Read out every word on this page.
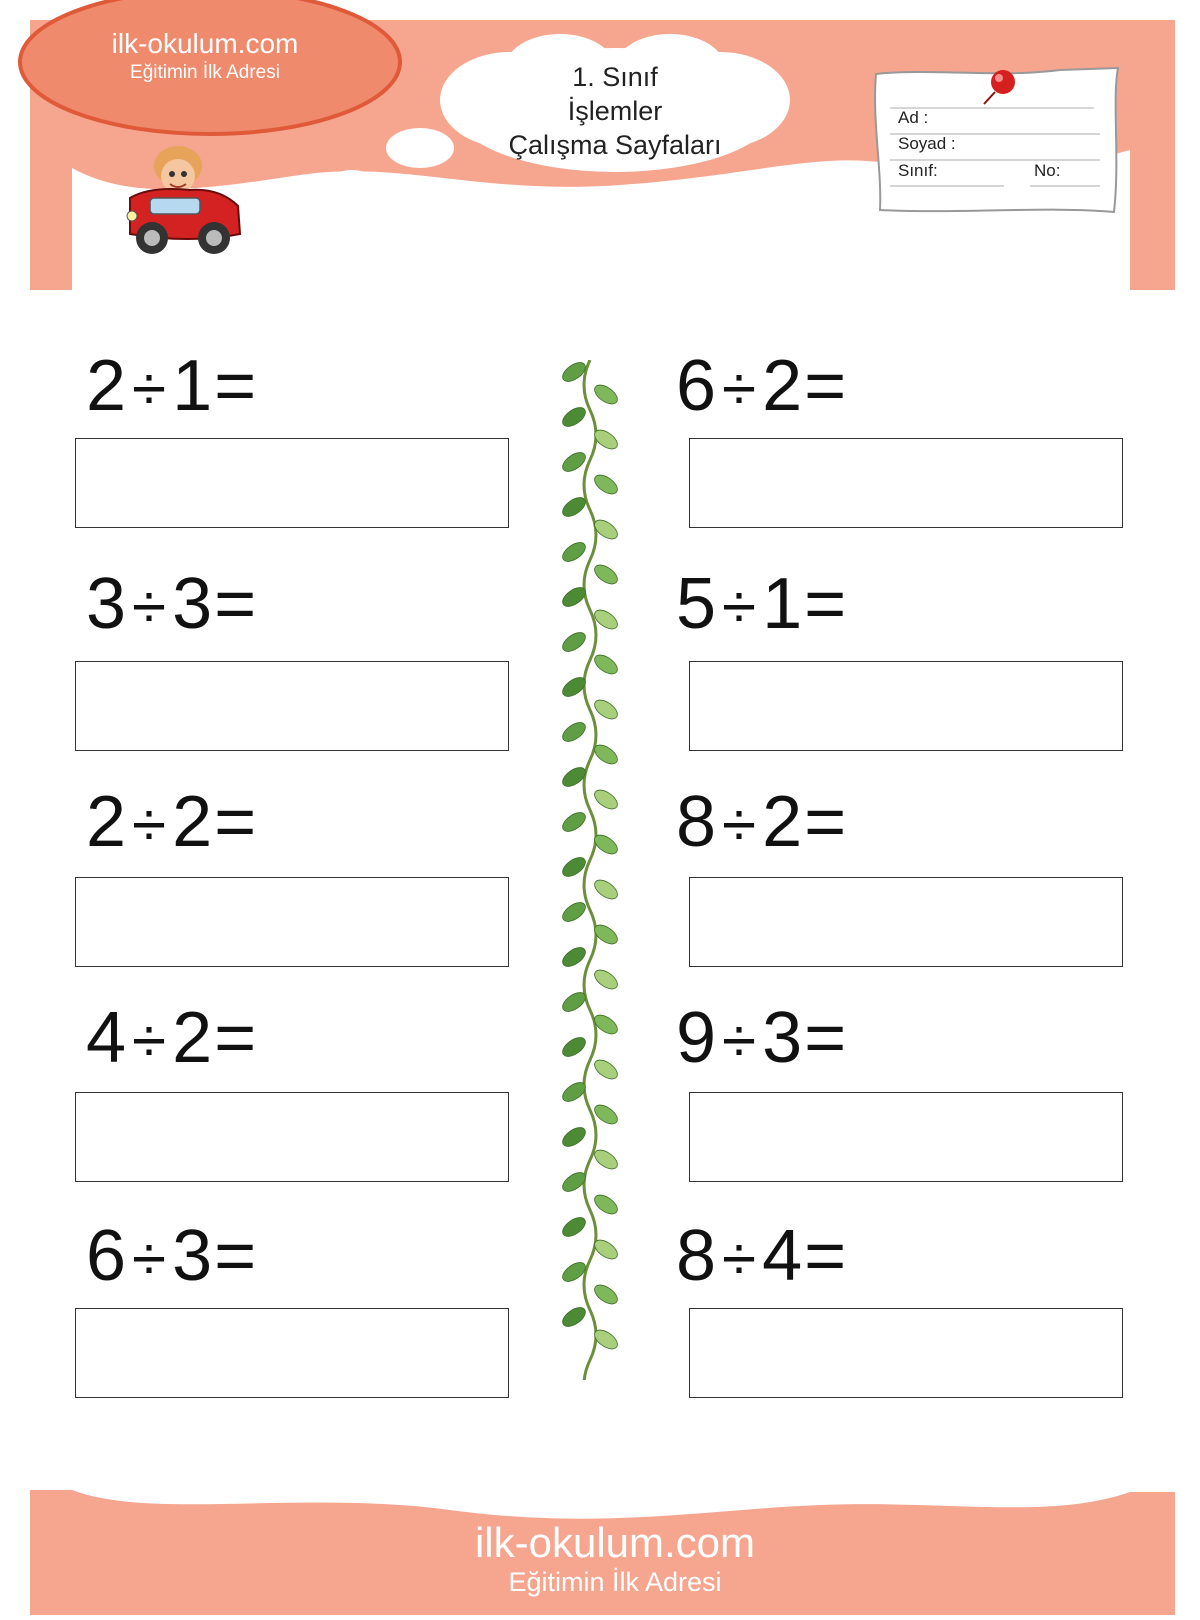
ilk-okulum.com
Eğitimin İlk Adresi	1. Sınıf
İşlemler
Çalışma Sayfaları
Ad :
Soyad :
Sınıf:	No:
2÷1=
3÷3=
2÷2=
4÷2=
6÷3=
6÷2=
5÷1=
8÷2=
9÷3=
8÷4=
ilk-okulum.com
Eğitimin İlk Adresi
